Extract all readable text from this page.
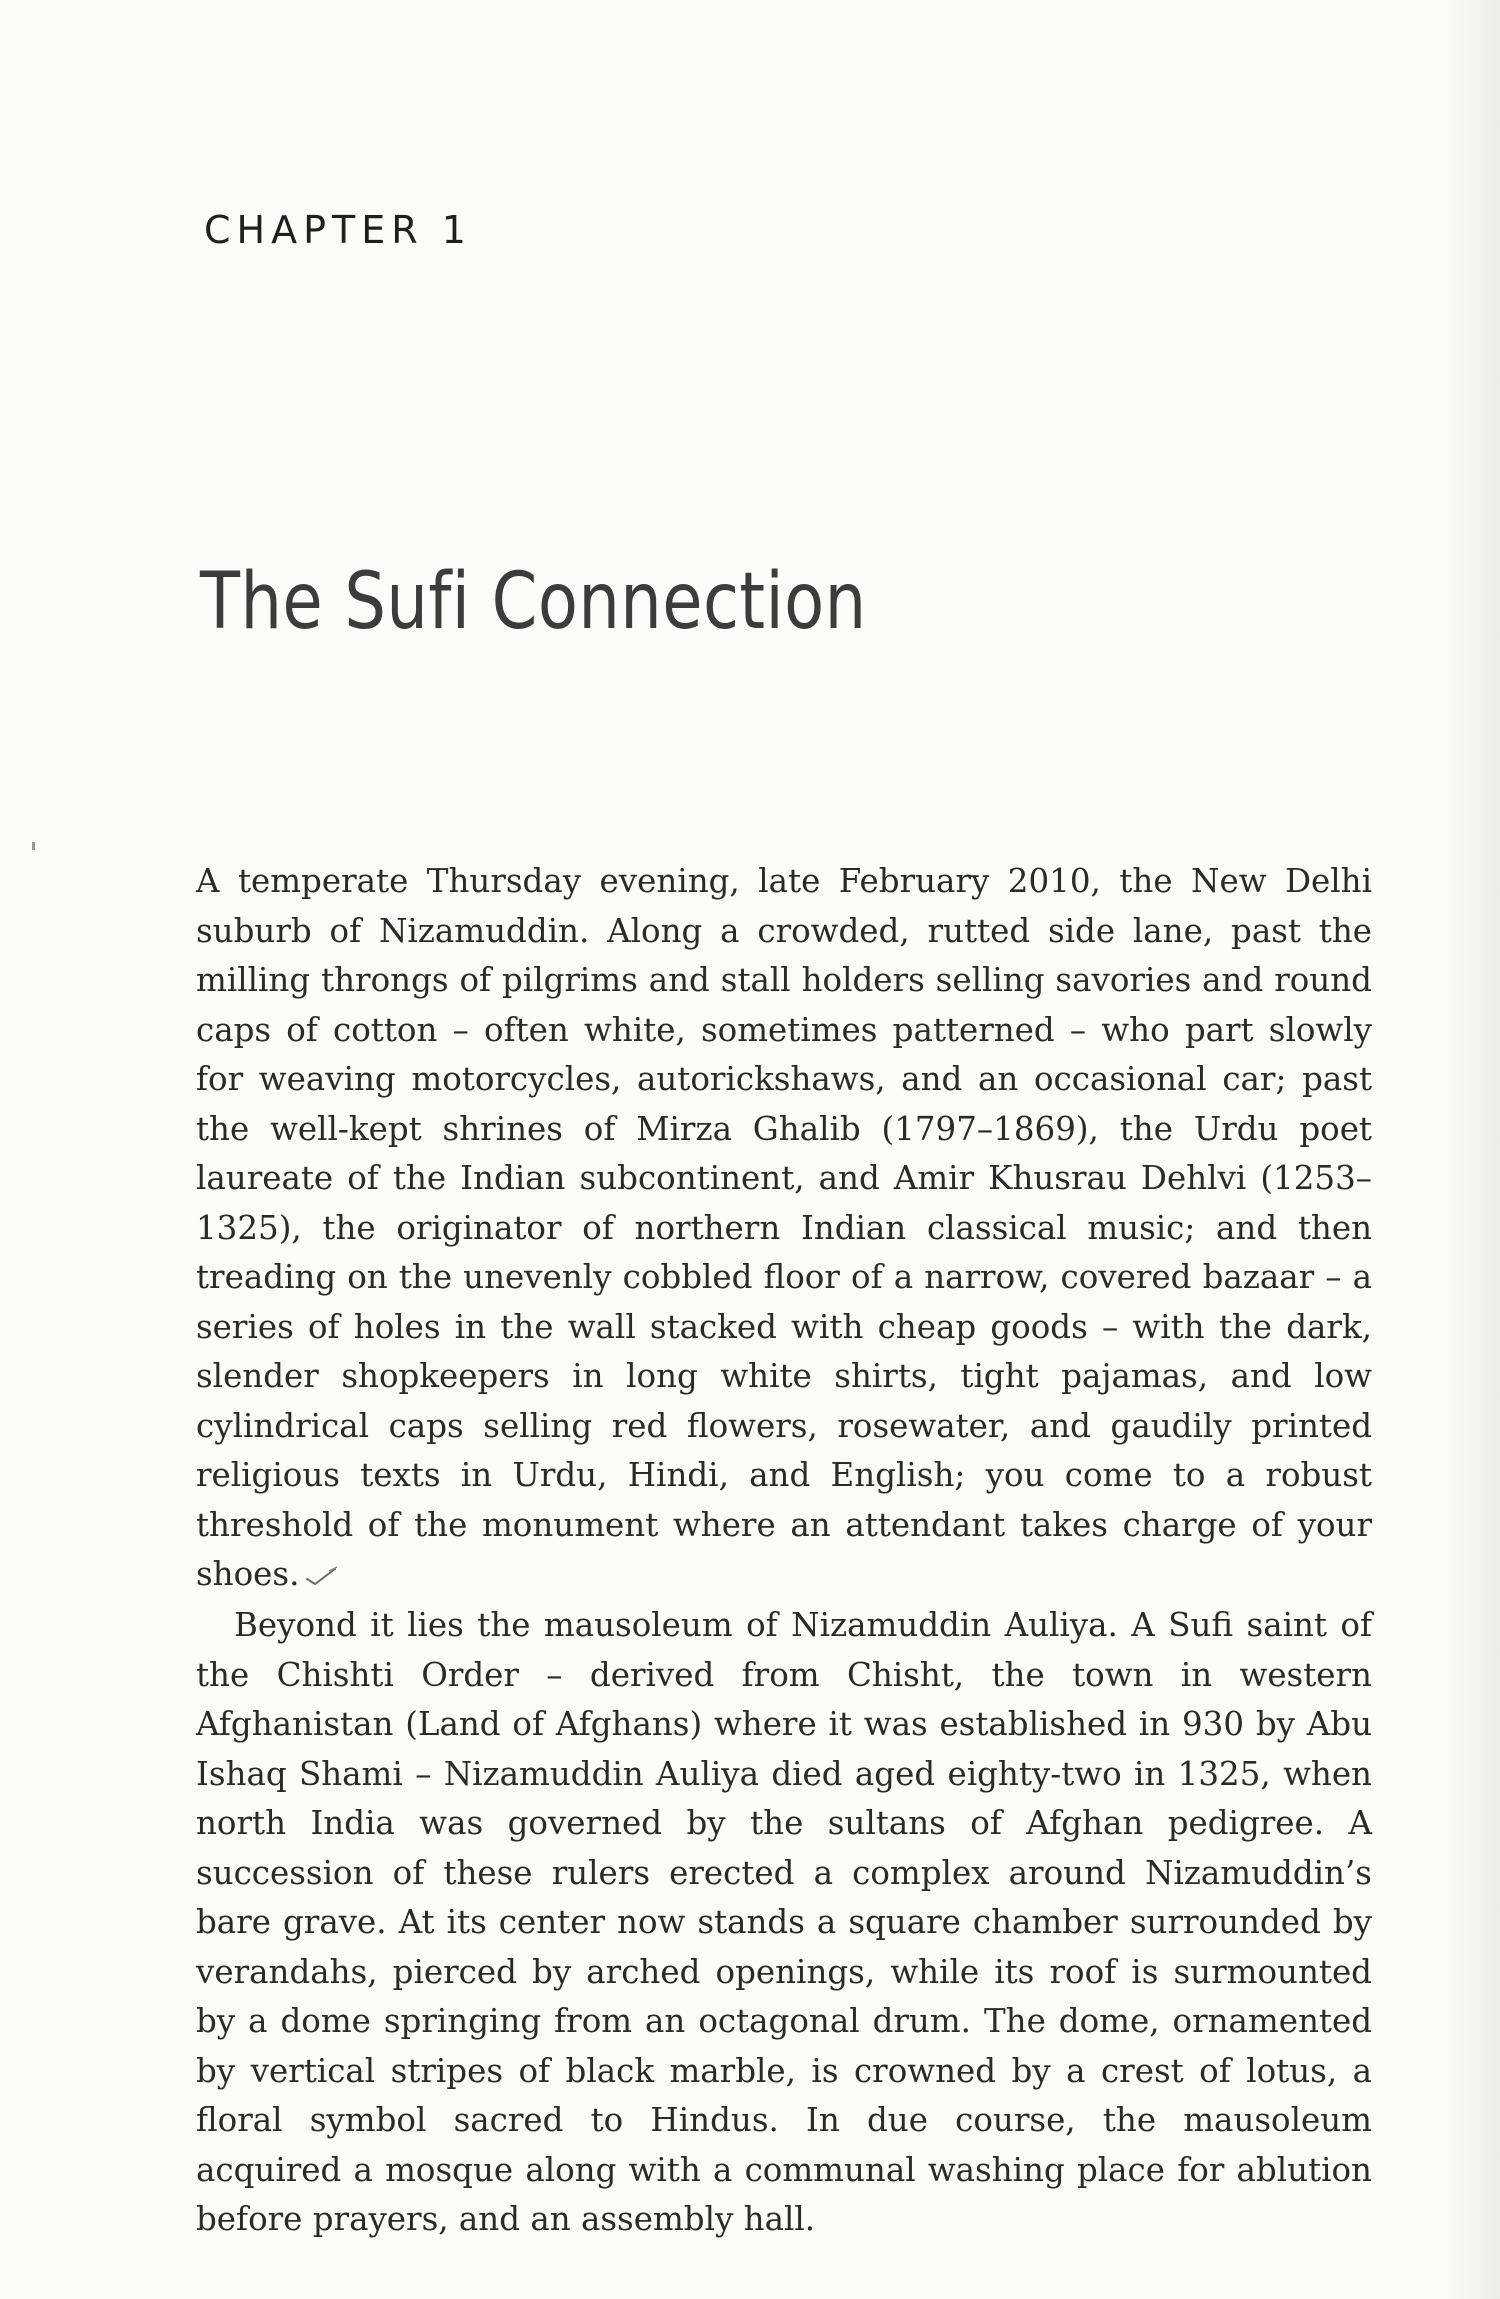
CHAPTER 1
The Sufi Connection

A temperate Thursday evening, late February 2010, the New Delhi suburb of Nizamuddin. Along a crowded, rutted side lane, past the milling throngs of pilgrims and stall holders selling savories and round caps of cotton – often white, sometimes patterned – who part slowly for weaving motorcycles, autorickshaws, and an occasional car; past the well-kept shrines of Mirza Ghalib (1797–1869), the Urdu poet laureate of the Indian subcontinent, and Amir Khusrau Dehlvi (1253–1325), the originator of northern Indian classical music; and then treading on the unevenly cobbled floor of a narrow, covered bazaar – a series of holes in the wall stacked with cheap goods – with the dark, slender shopkeepers in long white shirts, tight pajamas, and low cylindrical caps selling red flowers, rosewater, and gaudily printed religious texts in Urdu, Hindi, and English; you come to a robust threshold of the monument where an attendant takes charge of your shoes.

Beyond it lies the mausoleum of Nizamuddin Auliya. A Sufi saint of the Chishti Order – derived from Chisht, the town in western Afghanistan (Land of Afghans) where it was established in 930 by Abu Ishaq Shami – Nizamuddin Auliya died aged eighty-two in 1325, when north India was governed by the sultans of Afghan pedigree. A succession of these rulers erected a complex around Nizamuddin’s bare grave. At its center now stands a square chamber surrounded by verandahs, pierced by arched openings, while its roof is surmounted by a dome springing from an octagonal drum. The dome, ornamented by vertical stripes of black marble, is crowned by a crest of lotus, a floral symbol sacred to Hindus. In due course, the mausoleum acquired a mosque along with a communal washing place for ablution before prayers, and an assembly hall.
